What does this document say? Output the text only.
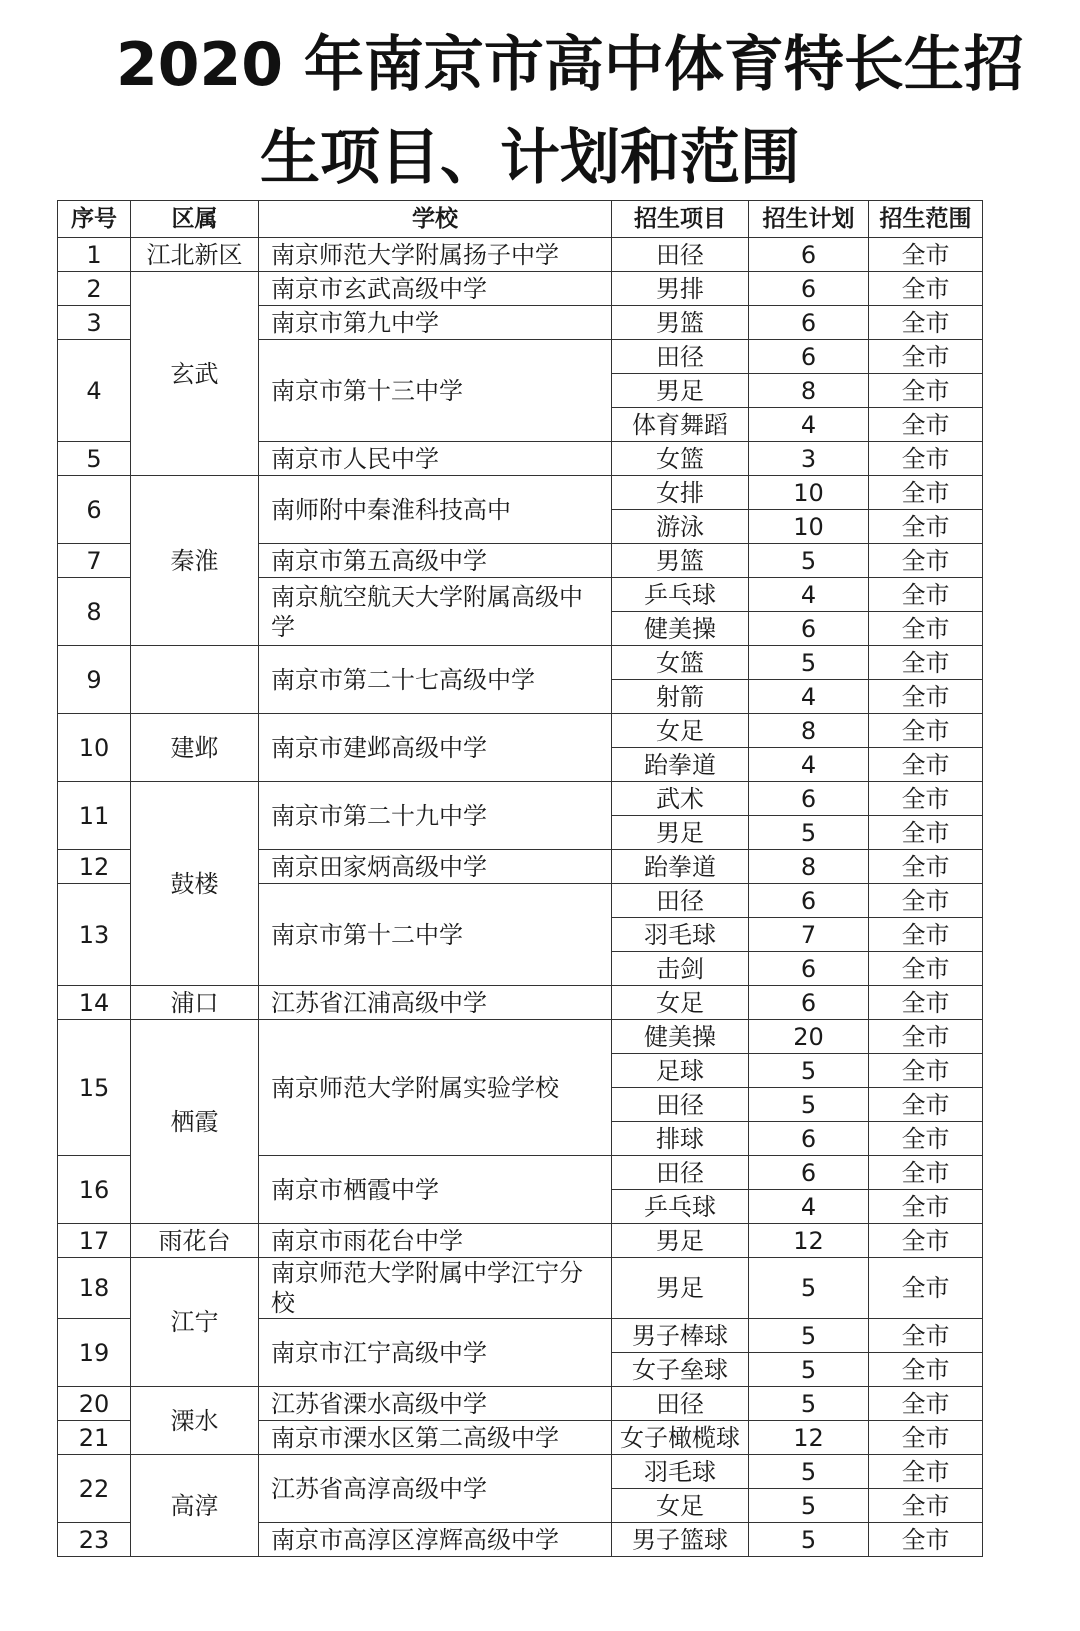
2020 年南京市高中体育特长生招
生项目、计划和范围
序号	区属	学校	招生项目	招生计划	招生范围
1	江北新区	南京师范大学附属扬子中学	田径	6	全市
2	玄武	南京市玄武高级中学	男排	6	全市
3		南京市第九中学	男篮	6	全市
4		南京市第十三中学	田径	6	全市
			男足	8	全市
			体育舞蹈	4	全市
5		南京市人民中学	女篮	3	全市
6	秦淮	南师附中秦淮科技高中	女排	10	全市
			游泳	10	全市
7		南京市第五高级中学	男篮	5	全市
8		南京航空航天大学附属高级中学	乒乓球	4	全市
			健美操	6	全市
9		南京市第二十七高级中学	女篮	5	全市
			射箭	4	全市
10	建邺	南京市建邺高级中学	女足	8	全市
			跆拳道	4	全市
11	鼓楼	南京市第二十九中学	武术	6	全市
			男足	5	全市
12		南京田家炳高级中学	跆拳道	8	全市
13		南京市第十二中学	田径	6	全市
			羽毛球	7	全市
			击剑	6	全市
14	浦口	江苏省江浦高级中学	女足	6	全市
15	栖霞	南京师范大学附属实验学校	健美操	20	全市
			足球	5	全市
			田径	5	全市
			排球	6	全市
16		南京市栖霞中学	田径	6	全市
			乒乓球	4	全市
17	雨花台	南京市雨花台中学	男足	12	全市
18	江宁	南京师范大学附属中学江宁分校	男足	5	全市
19		南京市江宁高级中学	男子棒球	5	全市
			女子垒球	5	全市
20	溧水	江苏省溧水高级中学	田径	5	全市
21		南京市溧水区第二高级中学	女子橄榄球	12	全市
22	高淳	江苏省高淳高级中学	羽毛球	5	全市
			女足	5	全市
23		南京市高淳区淳辉高级中学	男子篮球	5	全市
